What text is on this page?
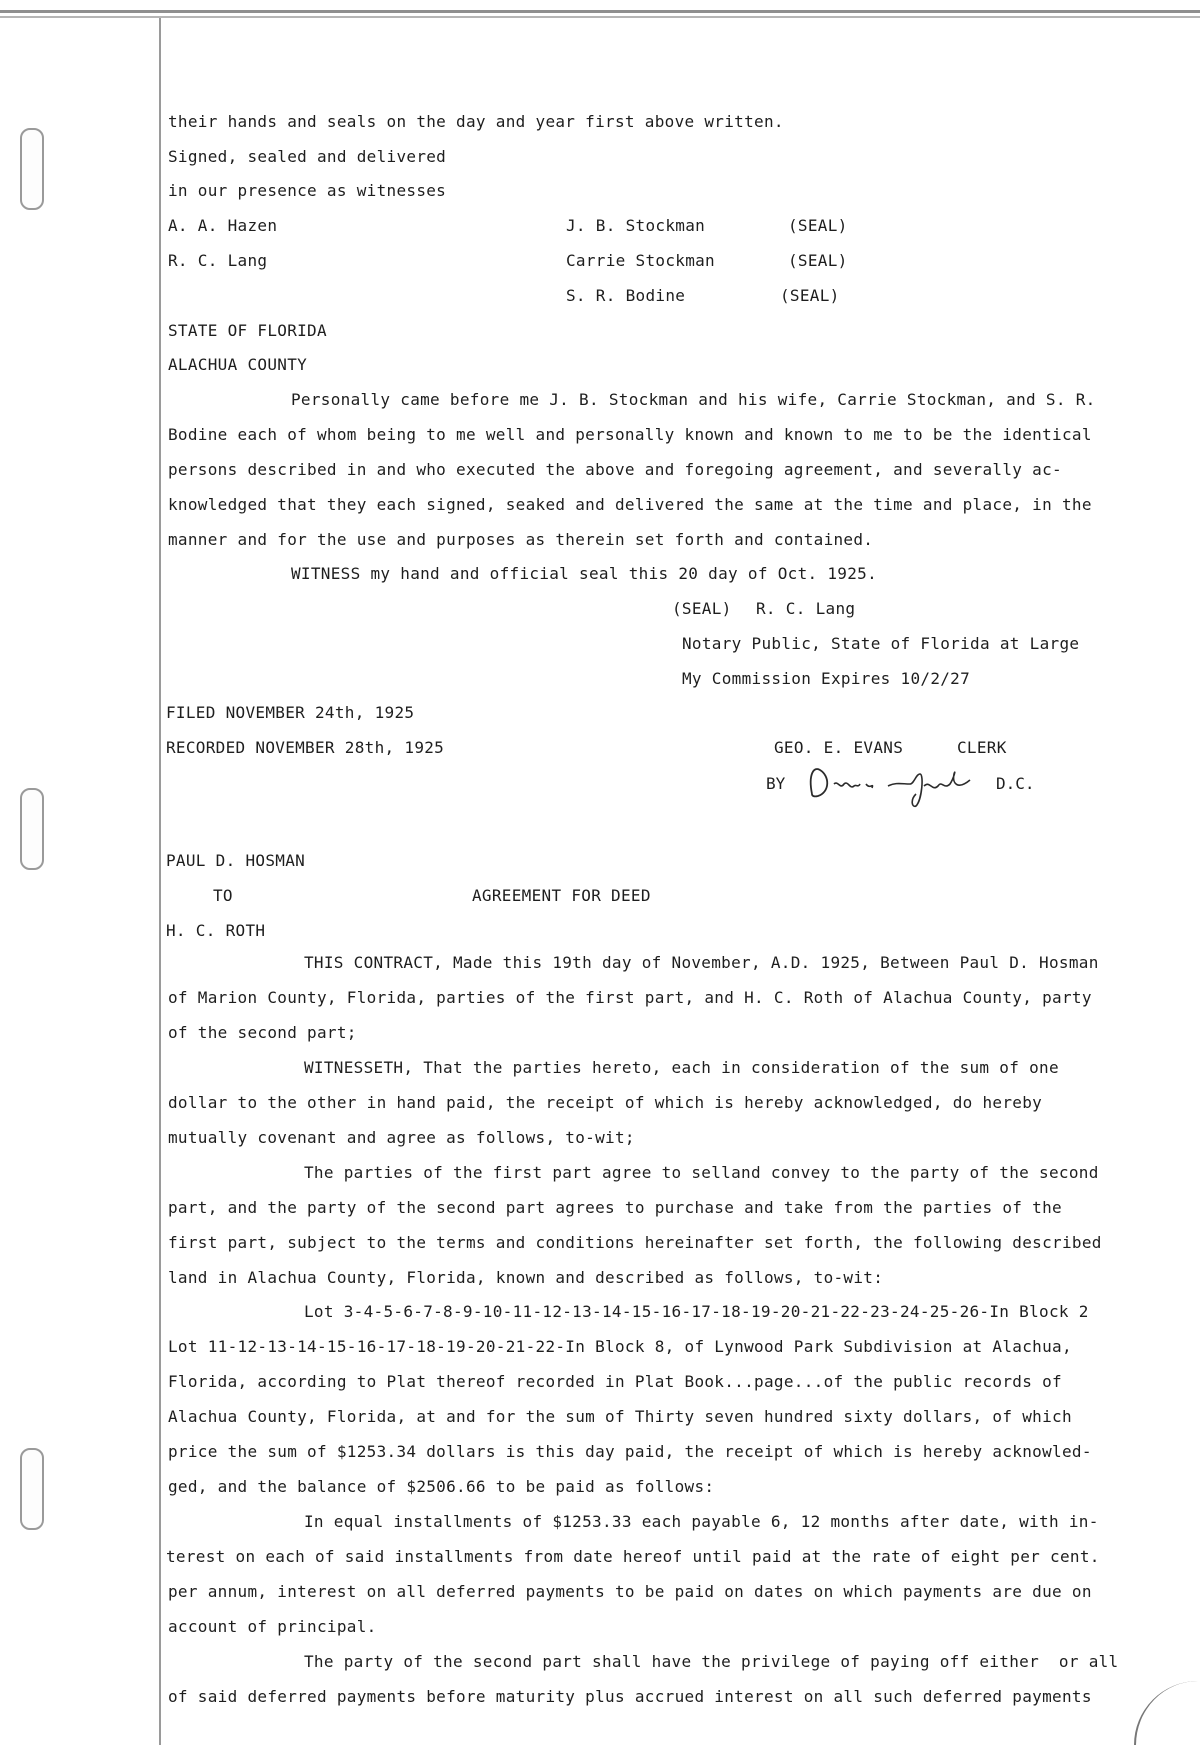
their hands and seals on the day and year first above written.
Signed, sealed and delivered
in our presence as witnesses
A. A. Hazen	J. B. Stockman	(SEAL)
R. C. Lang	Carrie Stockman	(SEAL)
S. R. Bodine	(SEAL)
STATE OF FLORIDA
ALACHUA COUNTY
Personally came before me J. B. Stockman and his wife, Carrie Stockman, and S. R.
Bodine each of whom being to me well and personally known and known to me to be the identical
persons described in and who executed the above and foregoing agreement, and severally ac-
knowledged that they each signed, seaked and delivered the same at the time and place, in the
manner and for the use and purposes as therein set forth and contained.
WITNESS my hand and official seal this 20 day of Oct. 1925.
(SEAL) R. C. Lang
Notary Public, State of Florida at Large
My Commission Expires 10/2/27
FILED NOVEMBER 24th, 1925
RECORDED NOVEMBER 28th, 1925	GEO. E. EVANS	CLERK
BY	D.C.
PAUL D. HOSMAN
TO	AGREEMENT FOR DEED
H. C. ROTH
THIS CONTRACT, Made this 19th day of November, A.D. 1925, Between Paul D. Hosman
of Marion County, Florida, parties of the first part, and H. C. Roth of Alachua County, party
of the second part;
WITNESSETH, That the parties hereto, each in consideration of the sum of one
dollar to the other in hand paid, the receipt of which is hereby acknowledged, do hereby
mutually covenant and agree as follows, to-wit;
The parties of the first part agree to selland convey to the party of the second
part, and the party of the second part agrees to purchase and take from the parties of the
first part, subject to the terms and conditions hereinafter set forth, the following described
land in Alachua County, Florida, known and described as follows, to-wit:
Lot 3-4-5-6-7-8-9-10-11-12-13-14-15-16-17-18-19-20-21-22-23-24-25-26-In Block 2
Lot 11-12-13-14-15-16-17-18-19-20-21-22-In Block 8, of Lynwood Park Subdivision at Alachua,
Florida, according to Plat thereof recorded in Plat Book...page...of the public records of
Alachua County, Florida, at and for the sum of Thirty seven hundred sixty dollars, of which
price the sum of $1253.34 dollars is this day paid, the receipt of which is hereby acknowled-
ged, and the balance of $2506.66 to be paid as follows:
In equal installments of $1253.33 each payable 6, 12 months after date, with in-
terest on each of said installments from date hereof until paid at the rate of eight per cent.
per annum, interest on all deferred payments to be paid on dates on which payments are due on
account of principal.
The party of the second part shall have the privilege of paying off either  or all
of said deferred payments before maturity plus accrued interest on all such deferred payments
